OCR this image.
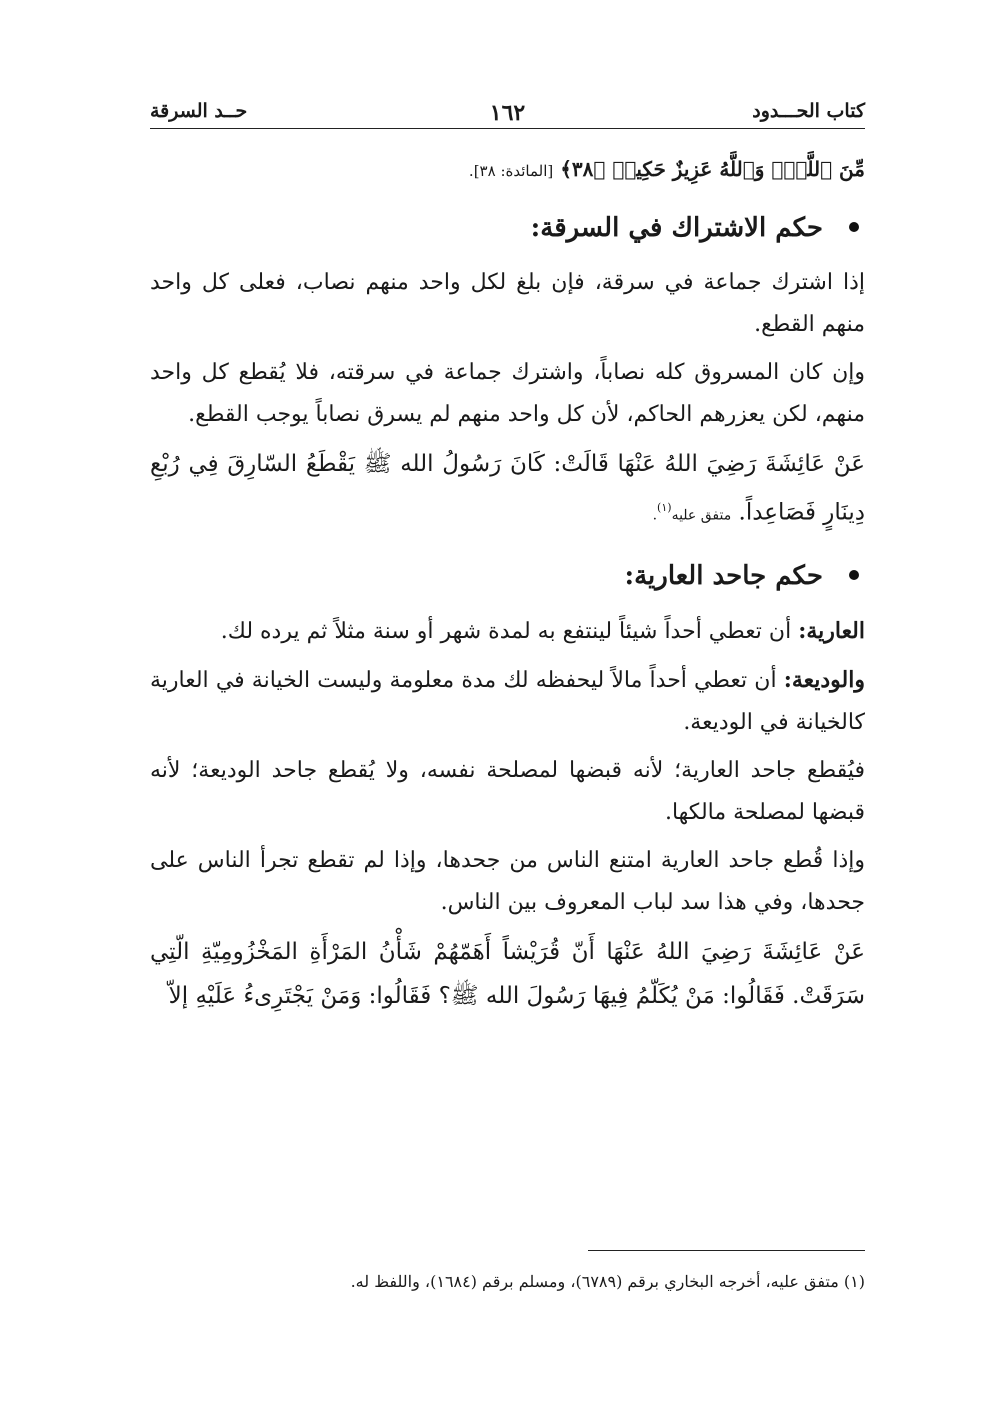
كتاب الحـــدود
١٦٢
حــد السرقة

مِّنَ ٱللَّهِۗ وَٱللَّهُ عَزِيزٌ حَكِيمٞ ﴿٣٨﴾ [المائدة: ٣٨].

حكم الاشتراك في السرقة:

إذا اشترك جماعة في سرقة، فإن بلغ لكل واحد منهم نصاب، فعلى كل واحد منهم القطع.

وإن كان المسروق كله نصاباً، واشترك جماعة في سرقته، فلا يُقطع كل واحد منهم، لكن يعزرهم الحاكم، لأن كل واحد منهم لم يسرق نصاباً يوجب القطع.

عَنْ عَائِشَةَ رَضِيَ اللهُ عَنْهَا قَالَتْ: كَانَ رَسُولُ الله ﷺ يَقْطَعُ السّارِقَ فِي رُبْعِ دِينَارٍ فَصَاعِداً. متفق عليه$^{(١)}$.

حكم جاحد العارية:

العارية: أن تعطي أحداً شيئاً لينتفع به لمدة شهر أو سنة مثلاً ثم يرده لك.

والوديعة: أن تعطي أحداً مالاً ليحفظه لك مدة معلومة وليست الخيانة في العارية كالخيانة في الوديعة.

فيُقطع جاحد العارية؛ لأنه قبضها لمصلحة نفسه، ولا يُقطع جاحد الوديعة؛ لأنه قبضها لمصلحة مالكها.

وإذا قُطع جاحد العارية امتنع الناس من جحدها، وإذا لم تقطع تجرأ الناس على جحدها، وفي هذا سد لباب المعروف بين الناس.

عَنْ عَائِشَةَ رَضِيَ اللهُ عَنْهَا أَنّ قُرَيْشاً أَهَمّهُمْ شَأْنُ المَرْأَةِ المَخْزُومِيّةِ الّتِي سَرَقَتْ. فَقَالُوا: مَنْ يُكَلّمُ فِيهَا رَسُولَ الله ﷺ؟ فَقَالُوا: وَمَنْ يَجْتَرِىءُ عَلَيْهِ إلاّ

(١) متفق عليه، أخرجه البخاري برقم (٦٧٨٩)، ومسلم برقم (١٦٨٤)، واللفظ له.
